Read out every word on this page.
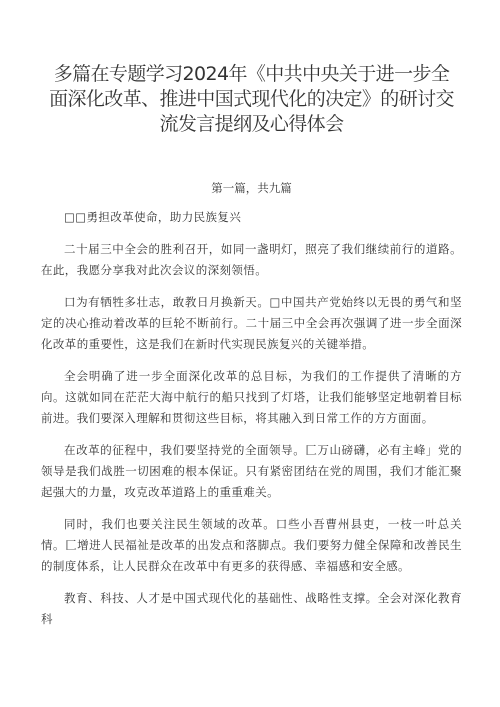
多篇在专题学习2024年《中共中央关于进一步全面深化改革、推进中国式现代化的决定》的研讨交流发言提纲及心得体会
第一篇，共九篇

□□勇担改革使命，助力民族复兴

二十届三中全会的胜利召开，如同一盏明灯，照亮了我们继续前行的道路。在此，我愿分享我对此次会议的深刻领悟。

口为有牺牲多壮志，敢教日月换新天。□中国共产党始终以无畏的勇气和坚定的决心推动着改革的巨轮不断前行。二十届三中全会再次强调了进一步全面深化改革的重要性，这是我们在新时代实现民族复兴的关键举措。

全会明确了进一步全面深化改革的总目标，为我们的工作提供了清晰的方向。这就如同在茫茫大海中航行的船只找到了灯塔，让我们能够坚定地朝着目标前进。我们要深入理解和贯彻这些目标，将其融入到日常工作的方方面面。

在改革的征程中，我们要坚持党的全面领导。匚万山磅礴，必有主峰」党的领导是我们战胜一切困难的根本保证。只有紧密团结在党的周围，我们才能汇聚起强大的力量，攻克改革道路上的重重难关。

同时，我们也要关注民生领域的改革。口些小吾曹州县吏，一枝一叶总关情。匚增进人民福祉是改革的出发点和落脚点。我们要努力健全保障和改善民生的制度体系，让人民群众在改革中有更多的获得感、幸福感和安全感。

教育、科技、人才是中国式现代化的基础性、战略性支撑。全会对深化教育科
